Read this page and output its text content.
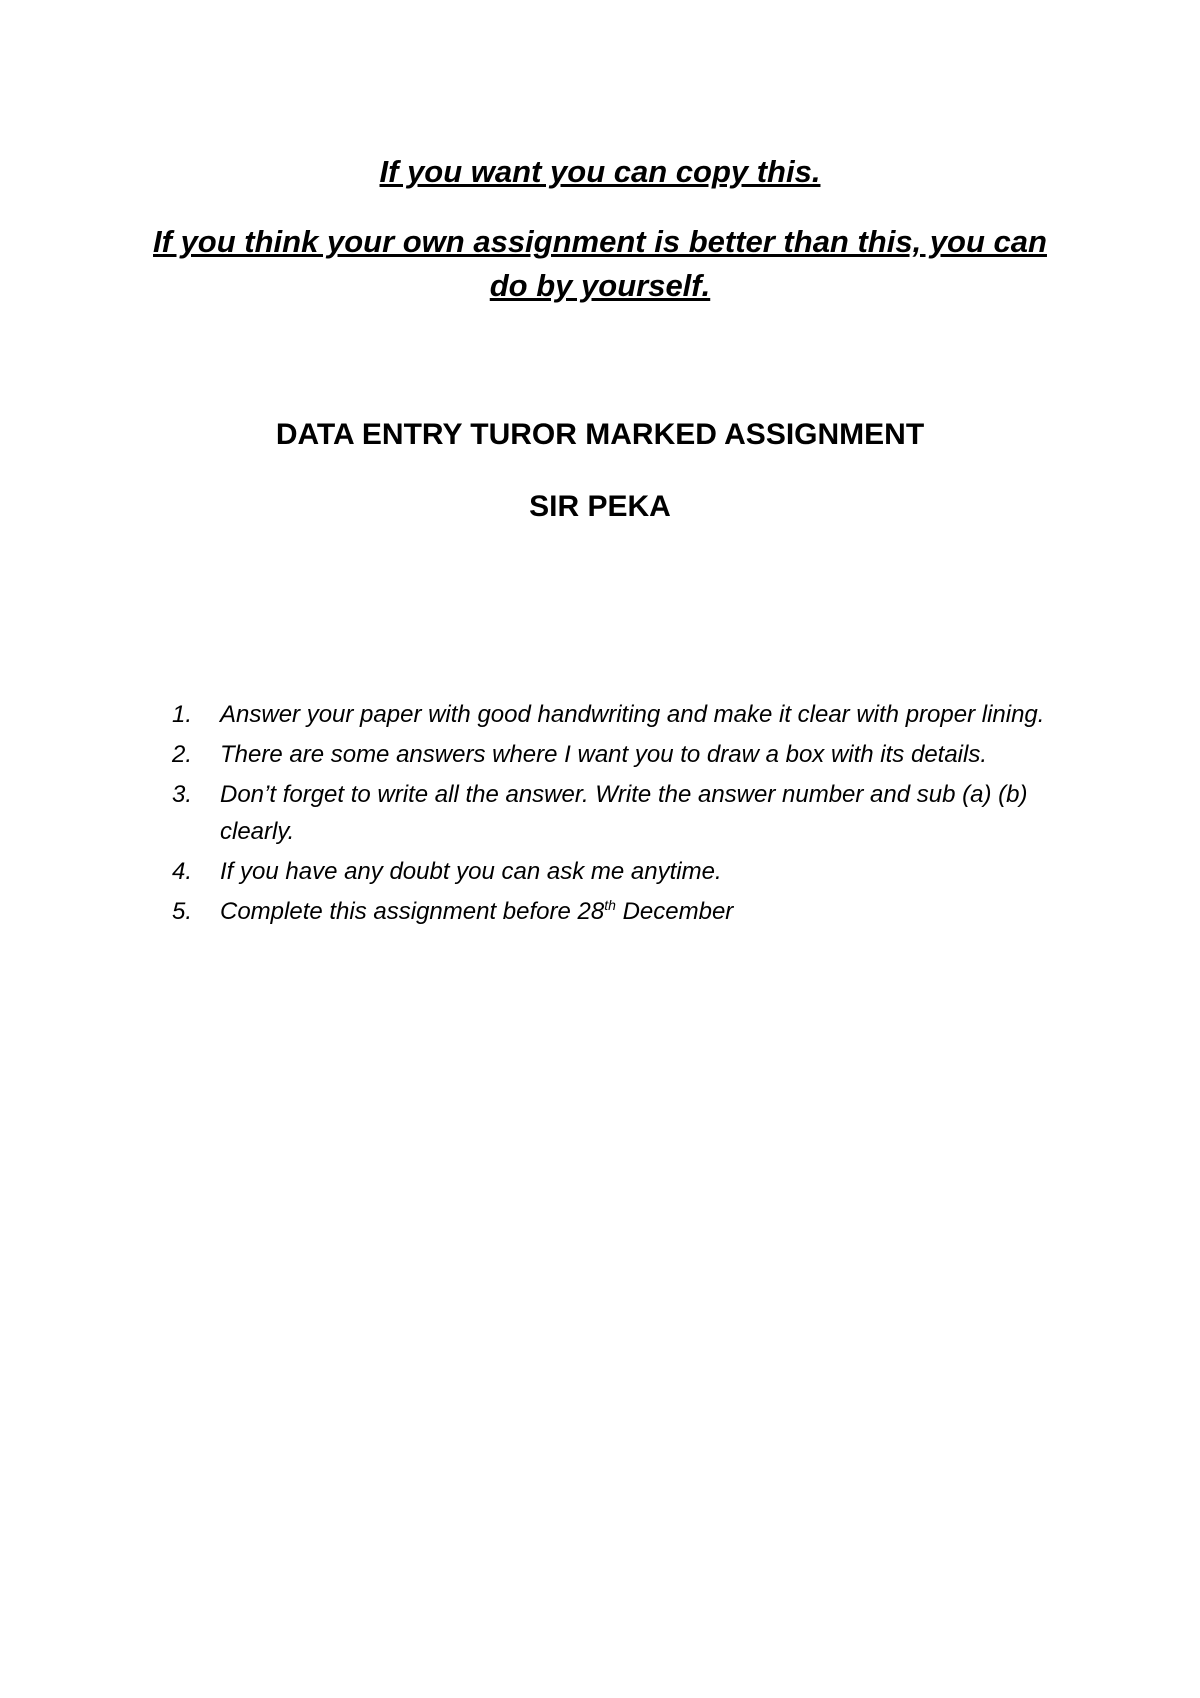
If you want you can copy this.
If you think your own assignment is better than this, you can do by yourself.
DATA ENTRY TUROR MARKED ASSIGNMENT
SIR PEKA
1.	Answer your paper with good handwriting and make it clear with proper lining.
2.	There are some answers where I want you to draw a box with its details.
3.	Don’t forget to write all the answer. Write the answer number and sub (a) (b) clearly.
4.	If you have any doubt you can ask me anytime.
5.	Complete this assignment before 28th December
